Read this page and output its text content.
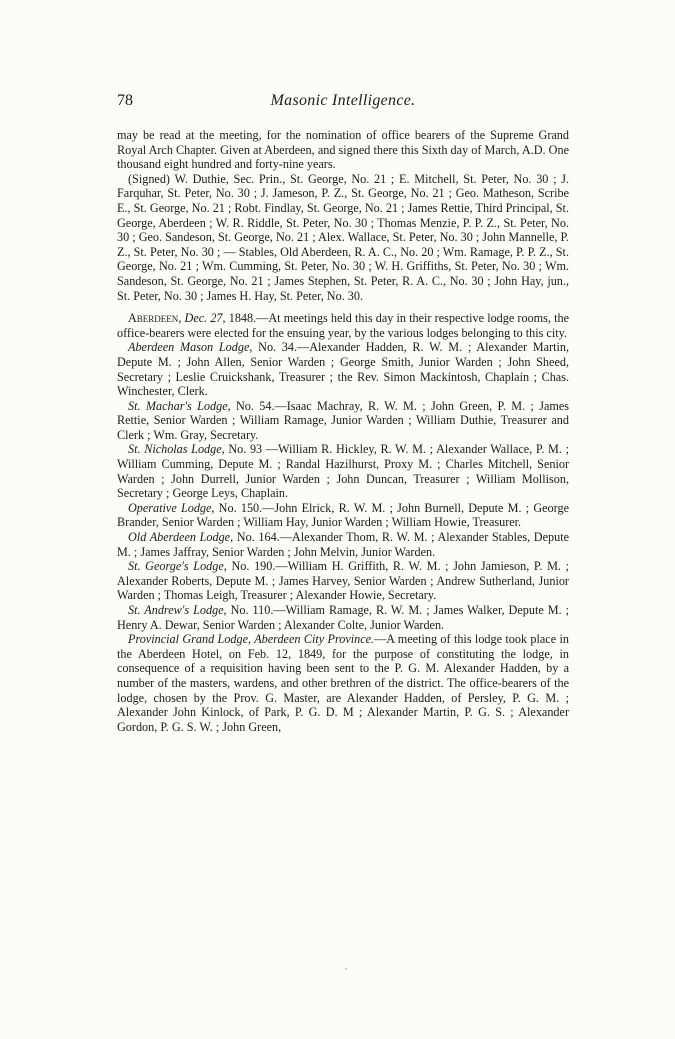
78	Masonic Intelligence.

may be read at the meeting, for the nomination of office bearers of the Supreme Grand Royal Arch Chapter. Given at Aberdeen, and signed there this Sixth day of March, A.D. One thousand eight hundred and forty-nine years.

(Signed) W. Duthie, Sec. Prin., St. George, No. 21 ; E. Mitchell, St. Peter, No. 30 ; J. Farquhar, St. Peter, No. 30 ; J. Jameson, P. Z., St. George, No. 21 ; Geo. Matheson, Scribe E., St. George, No. 21 ; Robt. Findlay, St. George, No. 21 ; James Rettie, Third Principal, St. George, Aberdeen ; W. R. Riddle, St. Peter, No. 30 ; Thomas Menzie, P. P. Z., St. Peter, No. 30 ; Geo. Sandeson, St. George, No. 21 ; Alex. Wallace, St. Peter, No. 30 ; John Mannelle, P. Z., St. Peter, No. 30 ; — Stables, Old Aberdeen, R. A. C., No. 20 ; Wm. Ramage, P. P. Z., St. George, No. 21 ; Wm. Cumming, St. Peter, No. 30 ; W. H. Griffiths, St. Peter, No. 30 ; Wm. Sandeson, St. George, No. 21 ; James Stephen, St. Peter, R. A. C., No. 30 ; John Hay, jun., St. Peter, No. 30 ; James H. Hay, St. Peter, No. 30.

Aberdeen, Dec. 27, 1848.—At meetings held this day in their respective lodge rooms, the office-bearers were elected for the ensuing year, by the various lodges belonging to this city.

Aberdeen Mason Lodge, No. 34.—Alexander Hadden, R. W. M. ; Alexander Martin, Depute M. ; John Allen, Senior Warden ; George Smith, Junior Warden ; John Sheed, Secretary ; Leslie Cruickshank, Treasurer ; the Rev. Simon Mackintosh, Chaplain ; Chas. Winchester, Clerk.

St. Machar's Lodge, No. 54.—Isaac Machray, R. W. M. ; John Green, P. M. ; James Rettie, Senior Warden ; William Ramage, Junior Warden ; William Duthie, Treasurer and Clerk ; Wm. Gray, Secretary.

St. Nicholas Lodge, No. 93 —William R. Hickley, R. W. M. ; Alexander Wallace, P. M. ; William Cumming, Depute M. ; Randal Hazilhurst, Proxy M. ; Charles Mitchell, Senior Warden ; John Durrell, Junior Warden ; John Duncan, Treasurer ; William Mollison, Secretary ; George Leys, Chaplain.

Operative Lodge, No. 150.—John Elrick, R. W. M. ; John Burnell, Depute M. ; George Brander, Senior Warden ; William Hay, Junior Warden ; William Howie, Treasurer.

Old Aberdeen Lodge, No. 164.—Alexander Thom, R. W. M. ; Alexander Stables, Depute M. ; James Jaffray, Senior Warden ; John Melvin, Junior Warden.

St. George's Lodge, No. 190.—William H. Griffith, R. W. M. ; John Jamieson, P. M. ; Alexander Roberts, Depute M. ; James Harvey, Senior Warden ; Andrew Sutherland, Junior Warden ; Thomas Leigh, Treasurer ; Alexander Howie, Secretary.

St. Andrew's Lodge, No. 110.—William Ramage, R. W. M. ; James Walker, Depute M. ; Henry A. Dewar, Senior Warden ; Alexander Colte, Junior Warden.

Provincial Grand Lodge, Aberdeen City Province.—A meeting of this lodge took place in the Aberdeen Hotel, on Feb. 12, 1849, for the purpose of constituting the lodge, in consequence of a requisition having been sent to the P. G. M. Alexander Hadden, by a number of the masters, wardens, and other brethren of the district. The office-bearers of the lodge, chosen by the Prov. G. Master, are Alexander Hadden, of Persley, P. G. M. ; Alexander John Kinlock, of Park, P. G. D. M ; Alexander Martin, P. G. S. ; Alexander Gordon, P. G. S. W. ; John Green,
